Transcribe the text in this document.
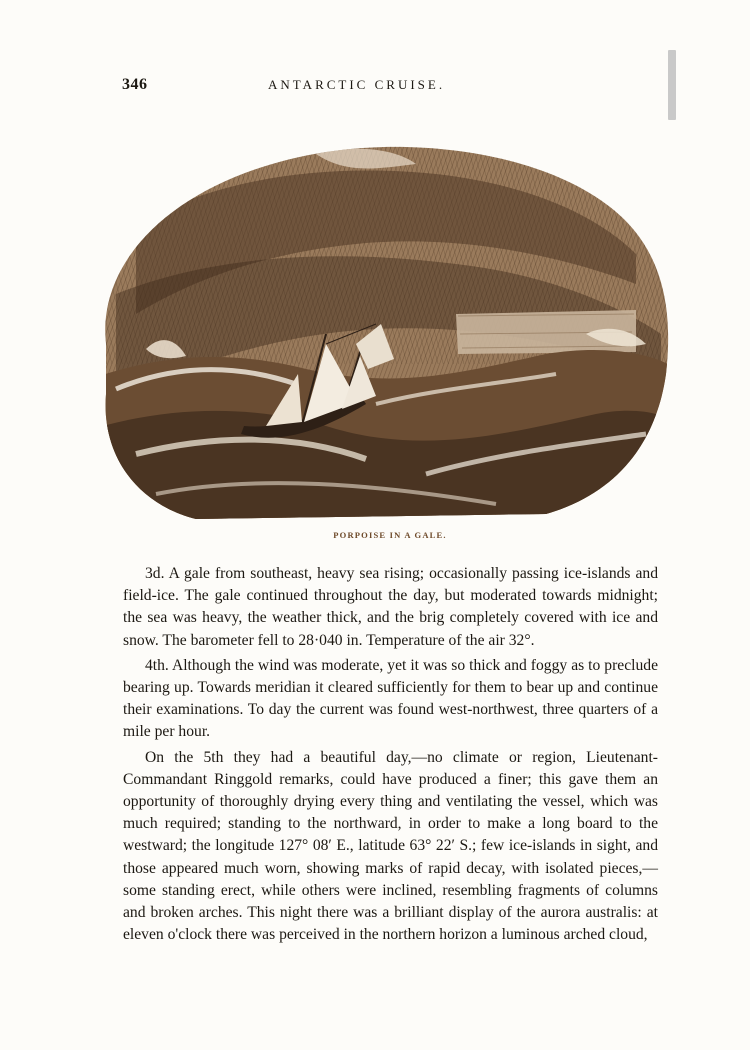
346	ANTARCTIC CRUISE.
PORPOISE IN A GALE.

3d. A gale from southeast, heavy sea rising; occasionally passing ice-islands and field-ice. The gale continued throughout the day, but moderated towards midnight; the sea was heavy, the weather thick, and the brig completely covered with ice and snow. The barometer fell to 28·040 in. Temperature of the air 32°.

4th. Although the wind was moderate, yet it was so thick and foggy as to preclude bearing up. Towards meridian it cleared sufficiently for them to bear up and continue their examinations. To day the current was found west-northwest, three quarters of a mile per hour.

On the 5th they had a beautiful day,—no climate or region, Lieutenant-Commandant Ringgold remarks, could have produced a finer; this gave them an opportunity of thoroughly drying every thing and ventilating the vessel, which was much required; standing to the northward, in order to make a long board to the westward; the longitude 127° 08′ E., latitude 63° 22′ S.; few ice-islands in sight, and those appeared much worn, showing marks of rapid decay, with isolated pieces,—some standing erect, while others were inclined, resembling fragments of columns and broken arches. This night there was a brilliant display of the aurora australis: at eleven o'clock there was perceived in the northern horizon a luminous arched cloud,
